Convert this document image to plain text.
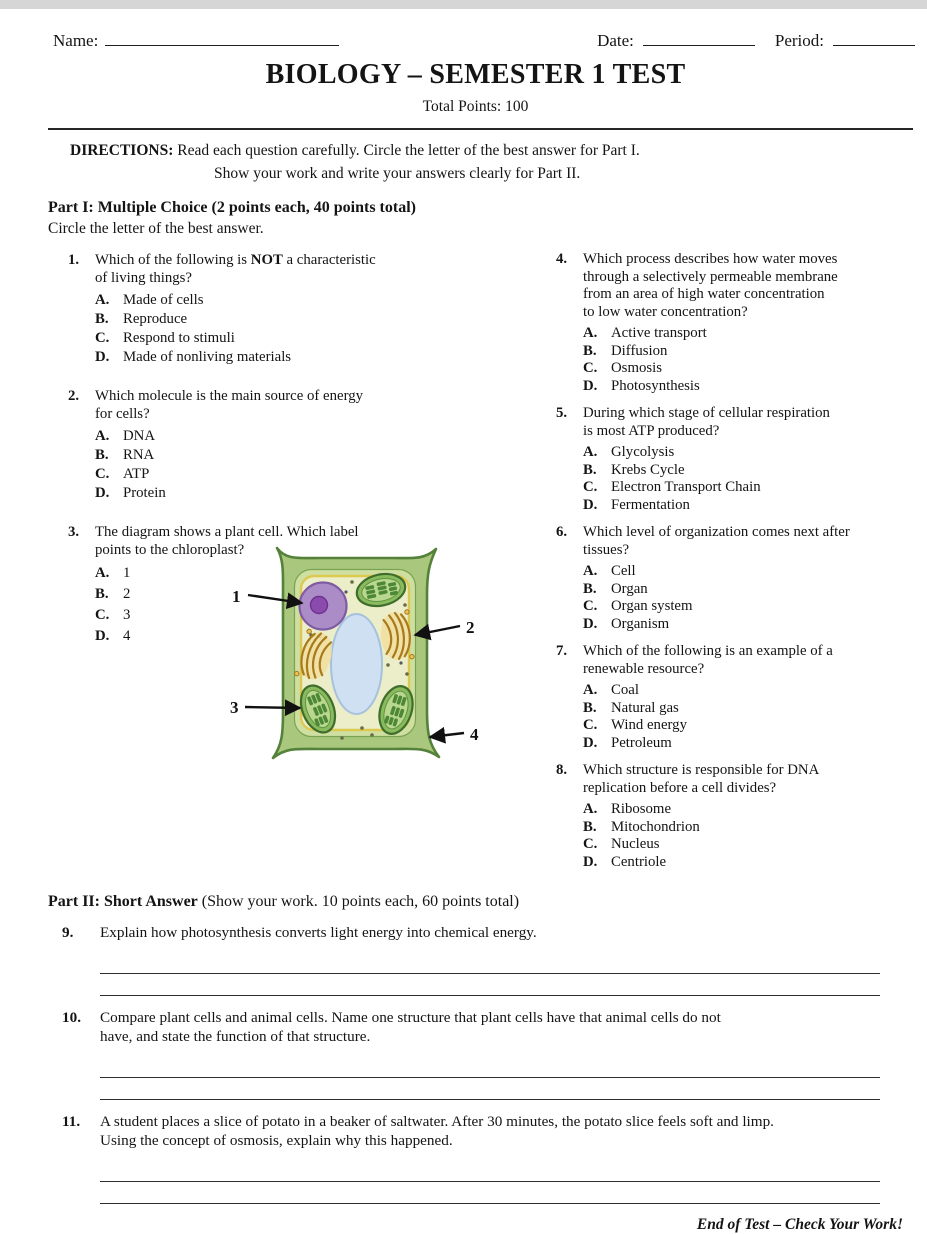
Name:	Date:	Period:
BIOLOGY – SEMESTER 1 TEST
Total Points: 100
DIRECTIONS: Read each question carefully. Circle the letter of the best answer for Part I.
Show your work and write your answers clearly for Part II.
Part I: Multiple Choice (2 points each, 40 points total)
Circle the letter of the best answer.
1.	Which of the following is NOT a characteristic
of living things?
A. Made of cells
B. Reproduce
C. Respond to stimuli
D. Made of nonliving materials
2.	Which molecule is the main source of energy
for cells?
A. DNA
B. RNA
C. ATP
D. Protein
3.	The diagram shows a plant cell. Which label
points to the chloroplast?
A. 1
B. 2
C. 3
D. 4
1
2
3
4
4.	Which process describes how water moves
through a selectively permeable membrane
from an area of high water concentration
to low water concentration?
A. Active transport
B. Diffusion
C. Osmosis
D. Photosynthesis
5.	During which stage of cellular respiration
is most ATP produced?
A. Glycolysis
B. Krebs Cycle
C. Electron Transport Chain
D. Fermentation
6.	Which level of organization comes next after
tissues?
A. Cell
B. Organ
C. Organ system
D. Organism
7.	Which of the following is an example of a
renewable resource?
A. Coal
B. Natural gas
C. Wind energy
D. Petroleum
8.	Which structure is responsible for DNA
replication before a cell divides?
A. Ribosome
B. Mitochondrion
C. Nucleus
D. Centriole
Part II: Short Answer (Show your work. 10 points each, 60 points total)
9.	Explain how photosynthesis converts light energy into chemical energy.
10.	Compare plant cells and animal cells. Name one structure that plant cells have that animal cells do not
have, and state the function of that structure.
11.	A student places a slice of potato in a beaker of saltwater. After 30 minutes, the potato slice feels soft and limp.
Using the concept of osmosis, explain why this happened.
End of Test – Check Your Work!
